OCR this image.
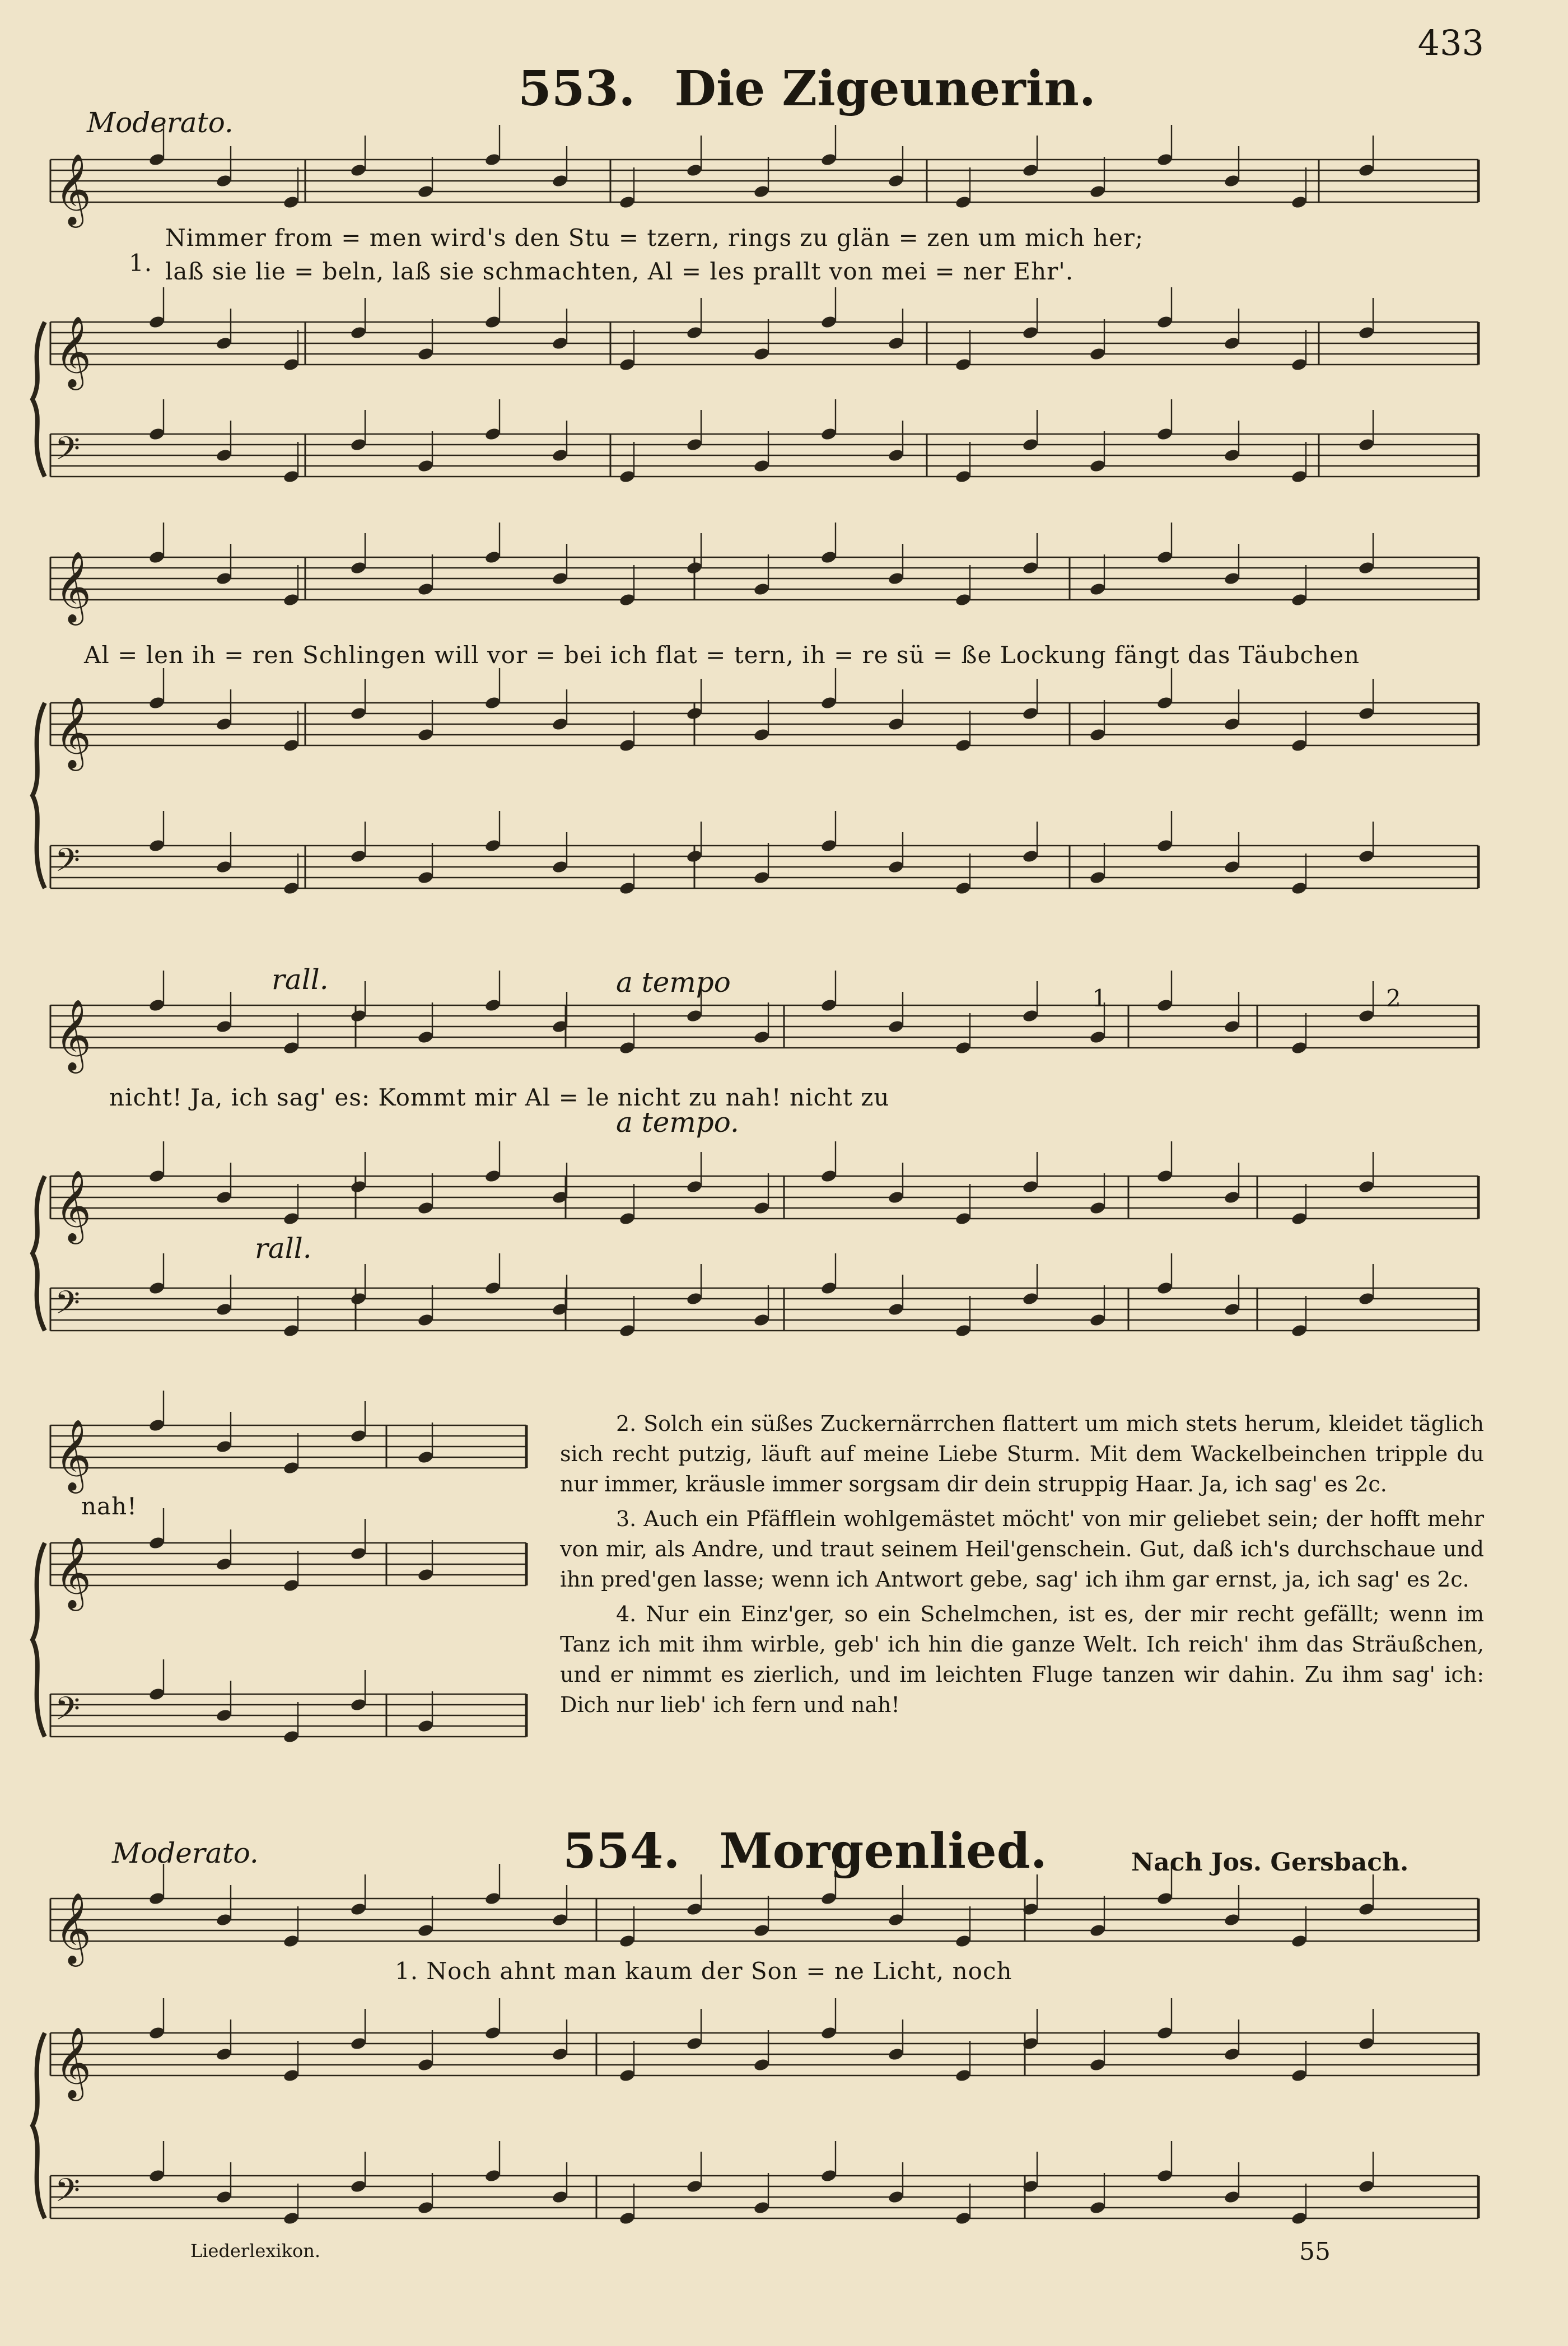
433
553. Die Zigeunerin.
Moderato.
𝄞
𝄞
𝄢
𝄞
𝄞
𝄢
𝄞
𝄞
𝄢
𝄞
𝄞
𝄢
𝄞
𝄞
𝄢
1.
Nimmer from = men wird's den Stu = tzern, rings zu glän = zen um mich her;
laß sie lie = beln, laß sie schmachten, Al = les prallt von mei = ner Ehr'.
Al = len ih = ren Schlingen will vor = bei ich flat = tern, ih = re sü = ße Lockung fängt das Täubchen
rall.	a tempo
nicht! Ja, ich sag' es: Kommt mir Al = le nicht zu nah! nicht zu
a tempo.
rall.
1	2
nah!

2. Solch ein süßes Zuckernärrchen flattert um mich stets herum, kleidet täglich sich recht putzig, läuft auf meine Liebe Sturm. Mit dem Wackelbeinchen tripple du nur immer, kräusle immer sorgsam dir dein struppig Haar. Ja, ich sag' es 2c.

3. Auch ein Pfäfflein wohlgemästet möcht' von mir geliebet sein; der hofft mehr von mir, als Andre, und traut seinem Heil'genschein. Gut, daß ich's durchschaue und ihn pred'gen lasse; wenn ich Antwort gebe, sag' ich ihm gar ernst, ja, ich sag' es 2c.

4. Nur ein Einz'ger, so ein Schelmchen, ist es, der mir recht gefällt; wenn im Tanz ich mit ihm wirble, geb' ich hin die ganze Welt. Ich reich' ihm das Sträußchen, und er nimmt es zierlich, und im leichten Fluge tanzen wir dahin. Zu ihm sag' ich: Dich nur lieb' ich fern und nah!

Moderato.	554. Morgenlied.	Nach Jos. Gersbach.
1. Noch ahnt man kaum der Son = ne Licht, noch
Liederlexikon.	55
